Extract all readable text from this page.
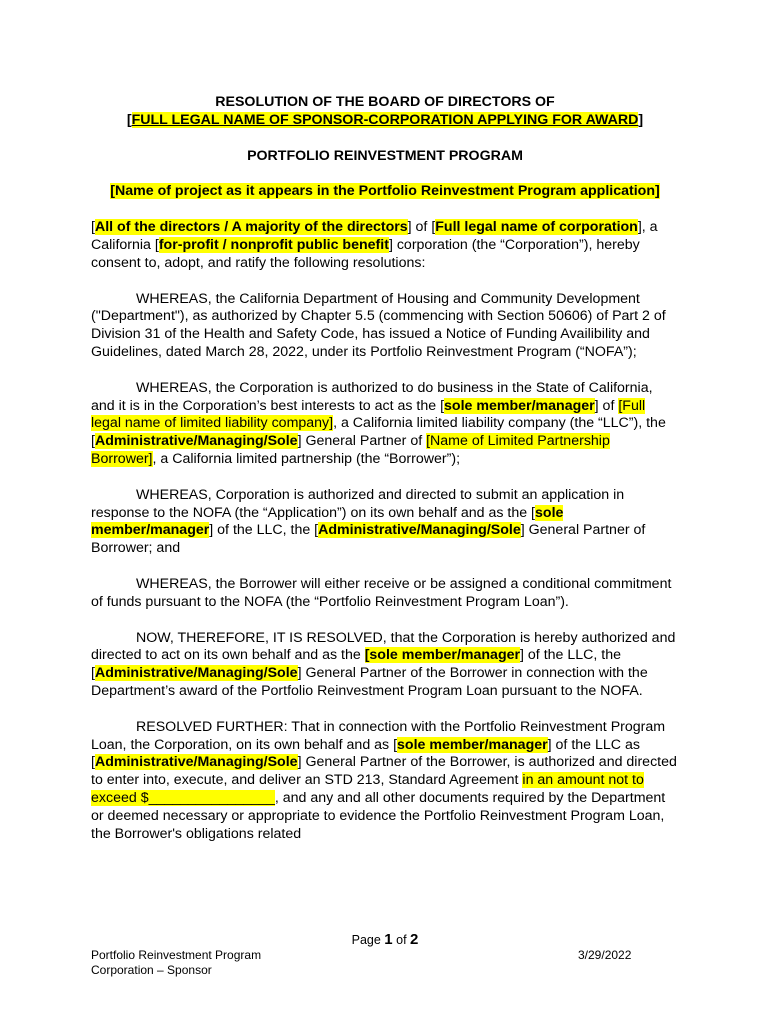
RESOLUTION OF THE BOARD OF DIRECTORS OF
[FULL LEGAL NAME OF SPONSOR-CORPORATION APPLYING FOR AWARD]

PORTFOLIO REINVESTMENT PROGRAM

[Name of project as it appears in the Portfolio Reinvestment Program application]

[All of the directors / A majority of the directors] of [Full legal name of corporation], a California [for-profit / nonprofit public benefit] corporation (the “Corporation”), hereby consent to, adopt, and ratify the following resolutions:

WHEREAS, the California Department of Housing and Community Development ("Department"), as authorized by Chapter 5.5 (commencing with Section 50606) of Part 2 of Division 31 of the Health and Safety Code, has issued a Notice of Funding Availibility and Guidelines, dated March 28, 2022, under its Portfolio Reinvestment Program (“NOFA”);

WHEREAS, the Corporation is authorized to do business in the State of California, and it is in the Corporation’s best interests to act as the [sole member/manager] of [Full legal name of limited liability company], a California limited liability company (the “LLC”), the [Administrative/Managing/Sole] General Partner of [Name of Limited Partnership Borrower], a California limited partnership (the “Borrower”);

WHEREAS, Corporation is authorized and directed to submit an application in response to the NOFA (the “Application”) on its own behalf and as the [sole member/manager] of the LLC, the [Administrative/Managing/Sole] General Partner of Borrower; and

WHEREAS, the Borrower will either receive or be assigned a conditional commitment of funds pursuant to the NOFA (the “Portfolio Reinvestment Program Loan”).

NOW, THEREFORE, IT IS RESOLVED, that the Corporation is hereby authorized and directed to act on its own behalf and as the [sole member/manager] of the LLC, the [Administrative/Managing/Sole] General Partner of the Borrower in connection with the Department’s award of the Portfolio Reinvestment Program Loan pursuant to the NOFA.

RESOLVED FURTHER: That in connection with the Portfolio Reinvestment Program Loan, the Corporation, on its own behalf and as [sole member/manager] of the LLC as [Administrative/Managing/Sole] General Partner of the Borrower, is authorized and directed to enter into, execute, and deliver an STD 213, Standard Agreement in an amount not to exceed $________________, and any and all other documents required by the Department or deemed necessary or appropriate to evidence the Portfolio Reinvestment Program Loan, the Borrower's obligations related

Page 1 of 2
Portfolio Reinvestment Program
Corporation – Sponsor
3/29/2022
